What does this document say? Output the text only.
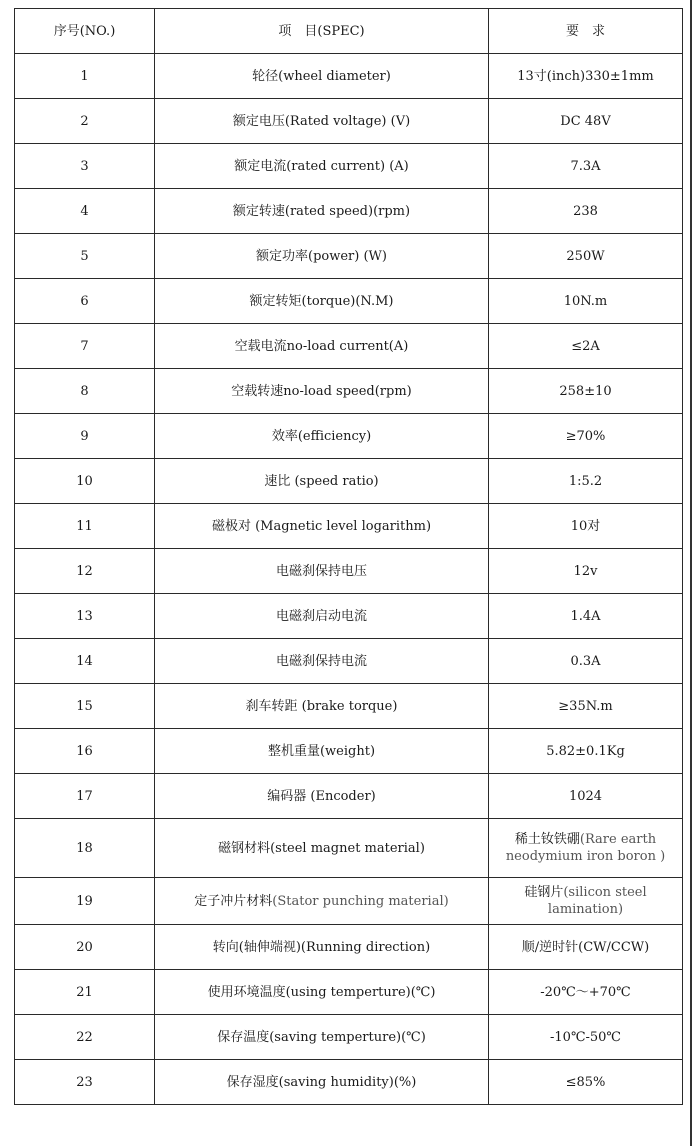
序号(NO.)	项　目(SPEC)	要　求
1	轮径(wheel diameter)	13寸(inch)330±1mm
2	额定电压(Rated voltage) (V)	DC 48V
3	额定电流(rated current) (A)	7.3A
4	额定转速(rated speed)(rpm)	238
5	额定功率(power) (W)	250W
6	额定转矩(torque)(N.M)	10N.m
7	空载电流no-load current(A)	≤2A
8	空载转速no-load speed(rpm)	258±10
9	效率(efficiency)	≥70%
10	速比 (speed ratio)	1:5.2
11	磁极对 (Magnetic level logarithm)	10对
12	电磁刹保持电压	12v
13	电磁刹启动电流	1.4A
14	电磁刹保持电流	0.3A
15	刹车转距 (brake torque)	≥35N.m
16	整机重量(weight)	5.82±0.1Kg
17	编码器 (Encoder)	1024
18	磁钢材料(steel magnet material)	稀土钕铁硼(Rare earth neodymium iron boron )
19	定子冲片材料(Stator punching material)	硅钢片(silicon steel lamination)
20	转向(轴伸端视)(Running direction)	顺/逆时针(CW/CCW)
21	使用环境温度(using temperture)(℃)	-20℃～+70℃
22	保存温度(saving temperture)(℃)	-10℃-50℃
23	保存湿度(saving humidity)(%)	≤85%
